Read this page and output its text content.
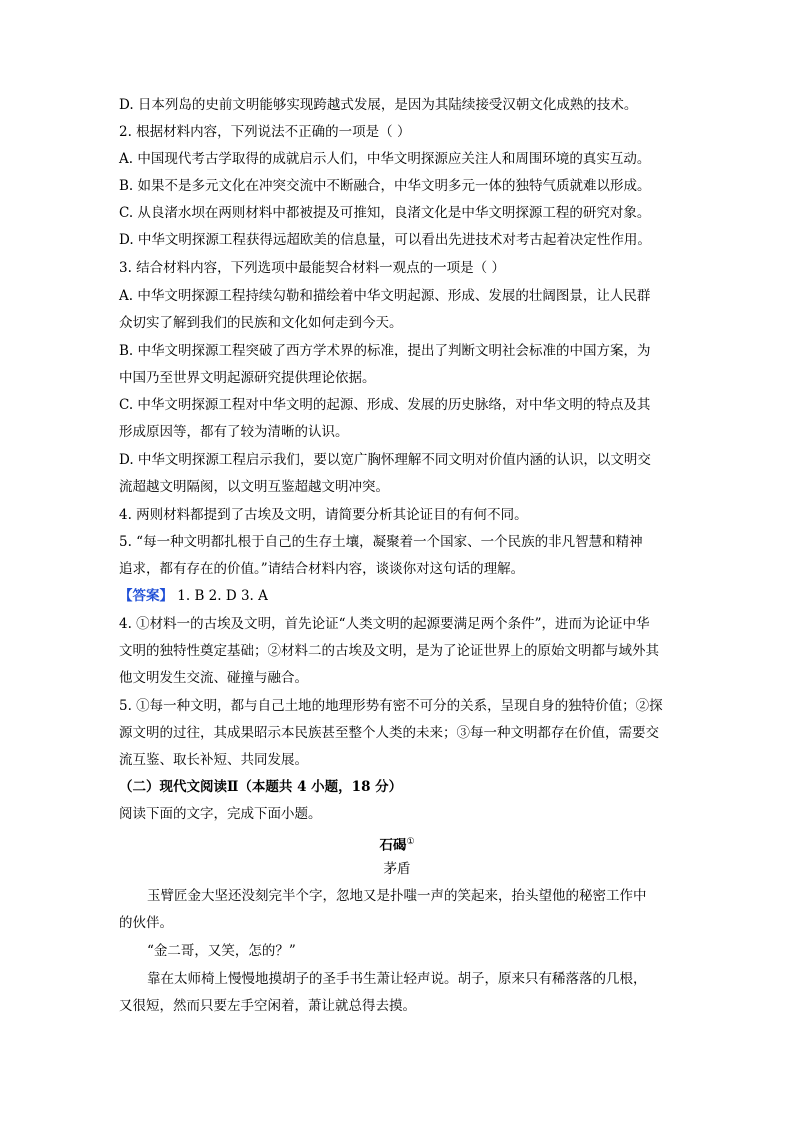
D. 日本列岛的史前文明能够实现跨越式发展，是因为其陆续接受汉朝文化成熟的技术。
2. 根据材料内容，下列说法不正确的一项是（ ）
A. 中国现代考古学取得的成就启示人们，中华文明探源应关注人和周围环境的真实互动。
B. 如果不是多元文化在冲突交流中不断融合，中华文明多元一体的独特气质就难以形成。
C. 从良渚水坝在两则材料中都被提及可推知，良渚文化是中华文明探源工程的研究对象。
D. 中华文明探源工程获得远超欧美的信息量，可以看出先进技术对考古起着决定性作用。
3. 结合材料内容，下列选项中最能契合材料一观点的一项是（ ）
A. 中华文明探源工程持续勾勒和描绘着中华文明起源、形成、发展的壮阔图景，让人民群
众切实了解到我们的民族和文化如何走到今天。
B. 中华文明探源工程突破了西方学术界的标准，提出了判断文明社会标准的中国方案，为
中国乃至世界文明起源研究提供理论依据。
C. 中华文明探源工程对中华文明的起源、形成、发展的历史脉络，对中华文明的特点及其
形成原因等，都有了较为清晰的认识。
D. 中华文明探源工程启示我们，要以宽广胸怀理解不同文明对价值内涵的认识，以文明交
流超越文明隔阂，以文明互鉴超越文明冲突。
4. 两则材料都提到了古埃及文明，请简要分析其论证目的有何不同。
5. “每一种文明都扎根于自己的生存土壤，凝聚着一个国家、一个民族的非凡智慧和精神
追求，都有存在的价值。”请结合材料内容，谈谈你对这句话的理解。
【答案】 1. B 2. D 3. A
4. ①材料一的古埃及文明，首先论证“人类文明的起源要满足两个条件”，进而为论证中华
文明的独特性奠定基础；②材料二的古埃及文明，是为了论证世界上的原始文明都与域外其
他文明发生交流、碰撞与融合。
5. ①每一种文明，都与自己土地的地理形势有密不可分的关系，呈现自身的独特价值；②探
源文明的过往，其成果昭示本民族甚至整个人类的未来；③每一种文明都存在价值，需要交
流互鉴、取长补短、共同发展。
（二）现代文阅读Ⅱ（本题共 4 小题，18 分）
阅读下面的文字，完成下面小题。
石碣①
茅盾
玉臂匠金大坚还没刻完半个字，忽地又是扑嗤一声的笑起来，抬头望他的秘密工作中
的伙伴。
“金二哥，又笑，怎的？”
靠在太师椅上慢慢地摸胡子的圣手书生萧让轻声说。胡子，原来只有稀落落的几根，
又很短，然而只要左手空闲着，萧让就总得去摸。
